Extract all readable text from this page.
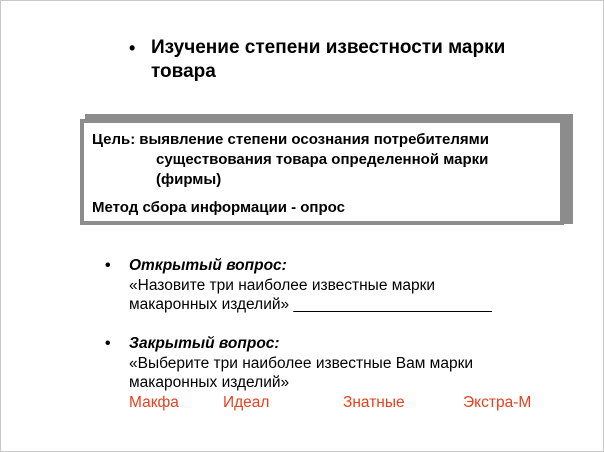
• Изучение степени известности марки товара
Цель: выявление степени осознания потребителями
существования товара определенной марки
(фирмы)
Метод сбора информации - опрос
•	Открытый вопрос:
«Назовите три наиболее известные марки
макаронных изделий» _______________________
•	Закрытый вопрос:
«Выберите три наиболее известные Вам марки
макаронных изделий»
Макфа	Идеал	Знатные	Экстра-М
